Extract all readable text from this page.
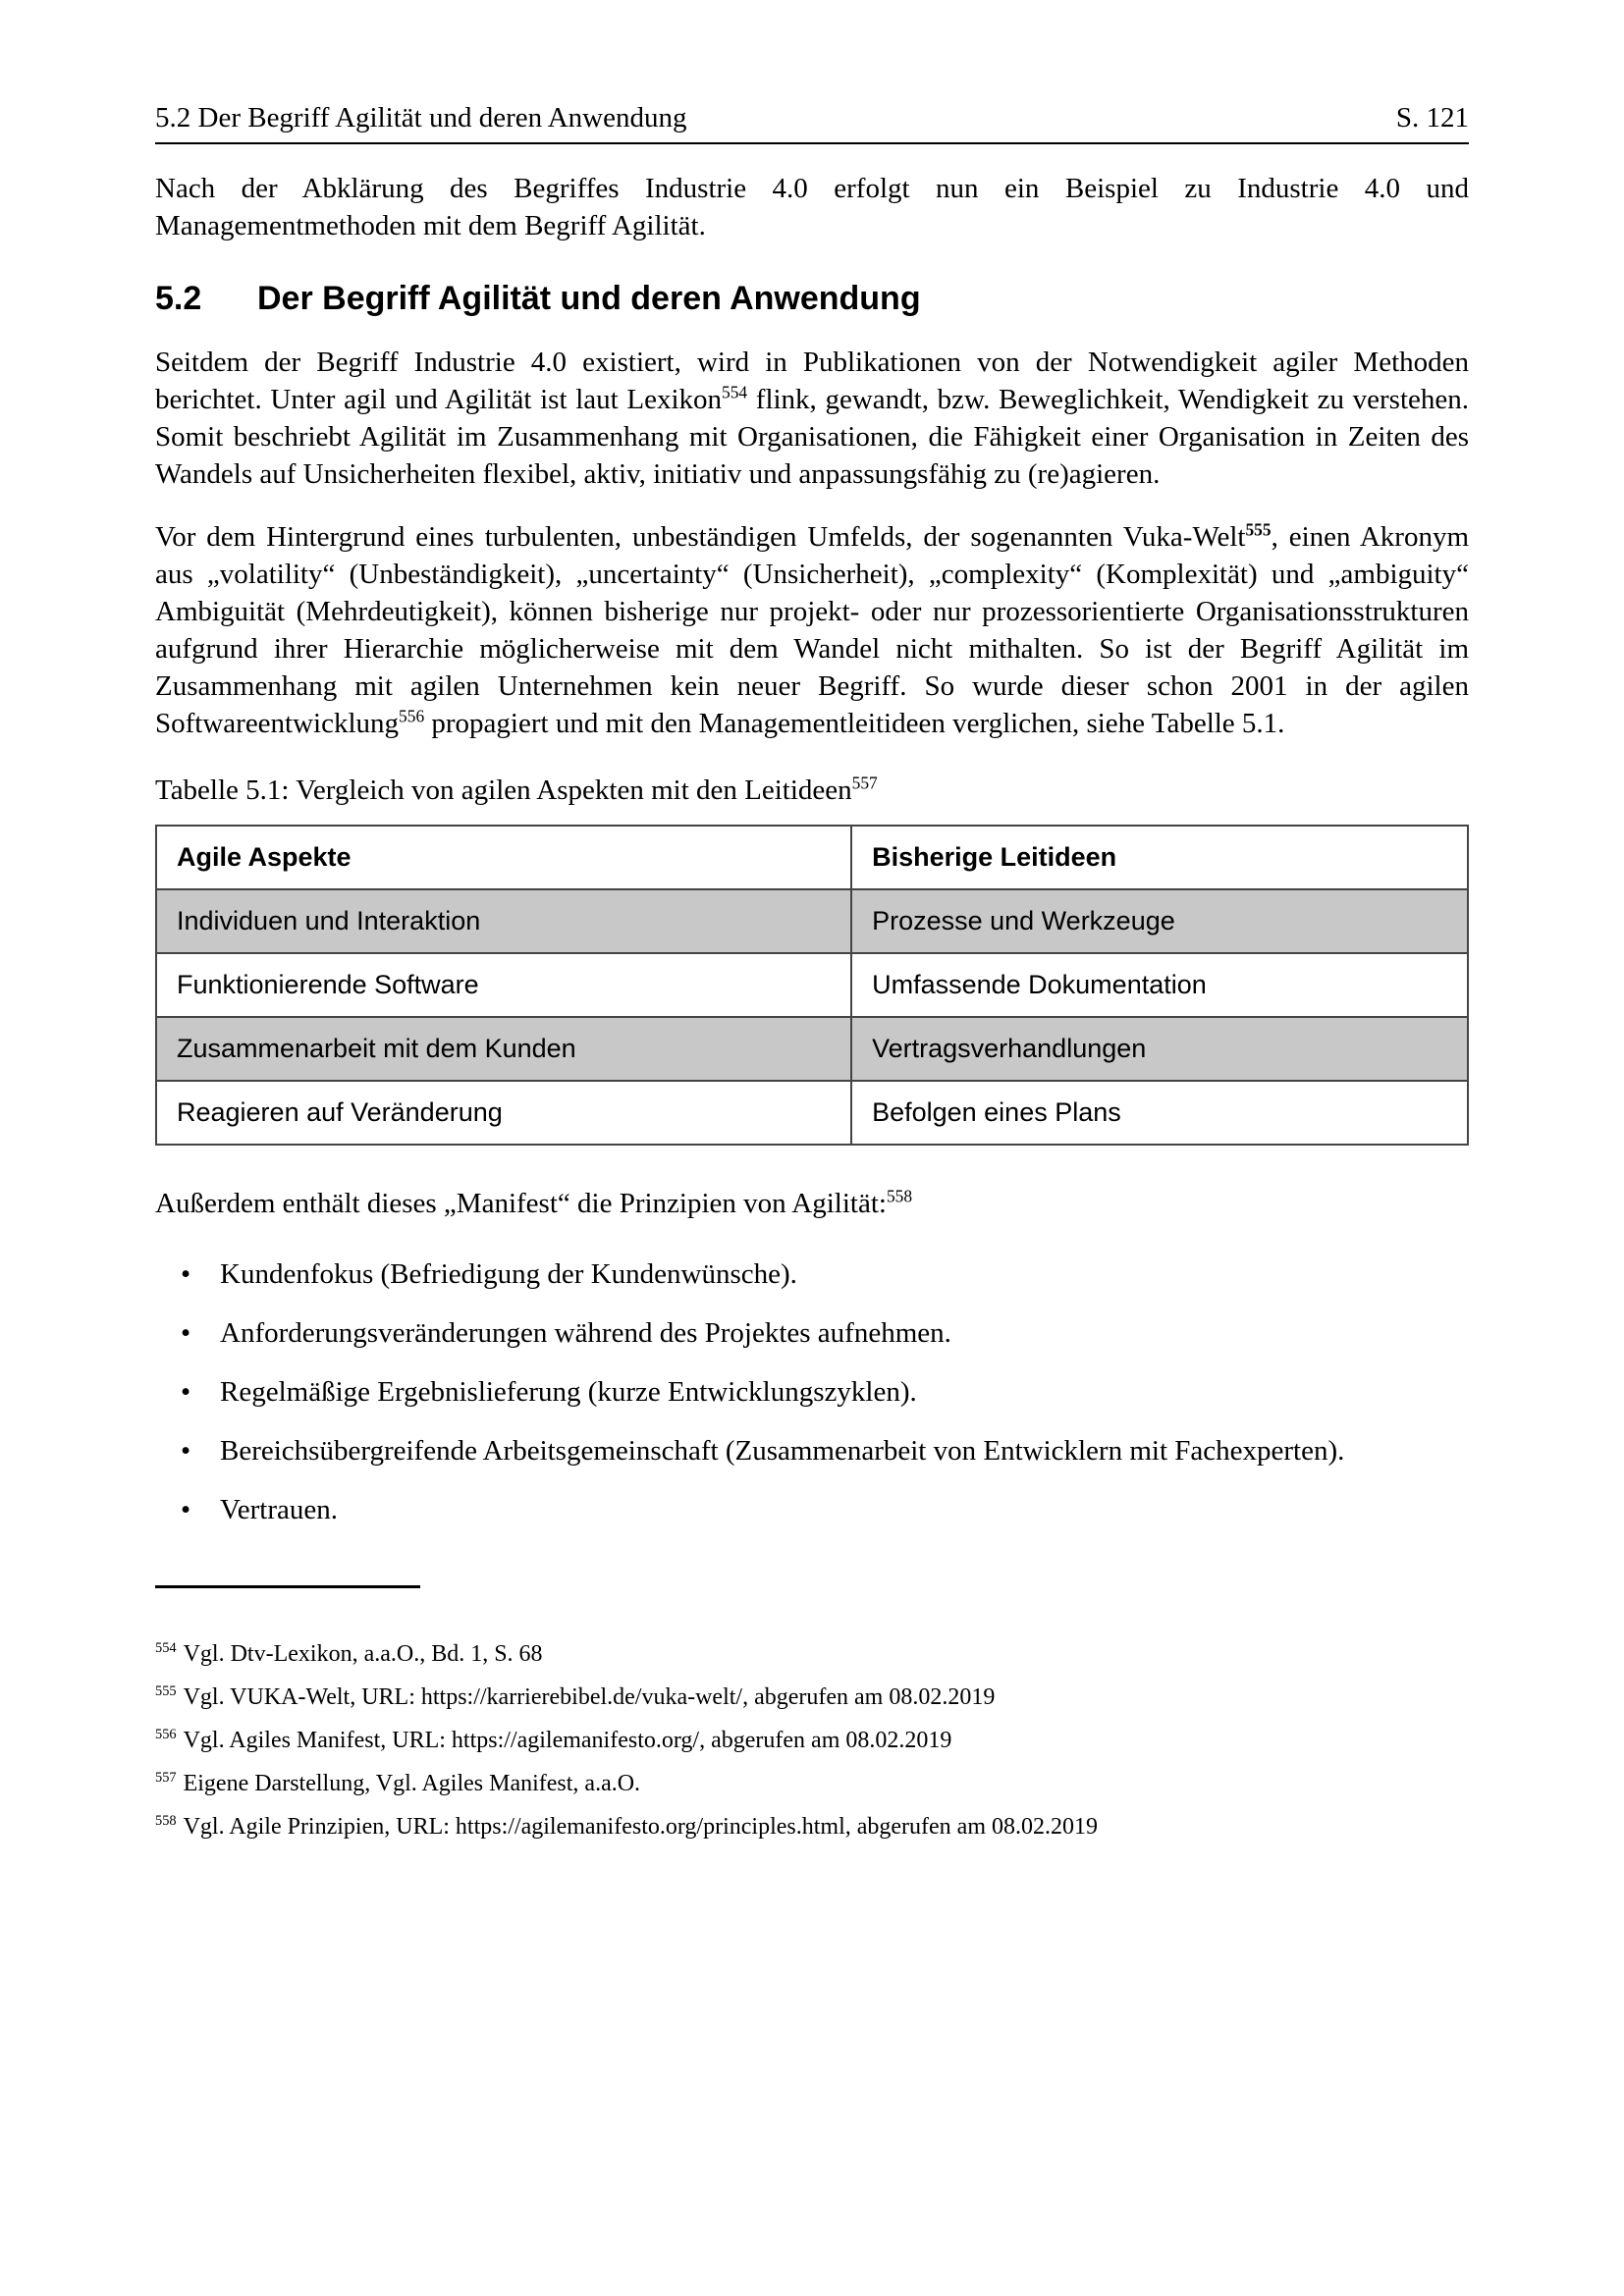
5.2 Der Begriff Agilität und deren Anwendung	S. 121

Nach der Abklärung des Begriffes Industrie 4.0 erfolgt nun ein Beispiel zu Industrie 4.0 und Managementmethoden mit dem Begriff Agilität.

5.2	Der Begriff Agilität und deren Anwendung

Seitdem der Begriff Industrie 4.0 existiert, wird in Publikationen von der Notwendigkeit agiler Methoden berichtet. Unter agil und Agilität ist laut Lexikon$^{554}$ flink, gewandt, bzw. Beweglichkeit, Wendigkeit zu verstehen. Somit beschriebt Agilität im Zusammenhang mit Organisationen, die Fähigkeit einer Organisation in Zeiten des Wandels auf Unsicherheiten flexibel, aktiv, initiativ und anpassungsfähig zu (re)agieren.

Vor dem Hintergrund eines turbulenten, unbeständigen Umfelds, der sogenannten Vuka-Welt$^{555}$, einen Akronym aus „volatility“ (Unbeständigkeit), „uncertainty“ (Unsicherheit), „complexity“ (Komplexität) und „ambiguity“ Ambiguität (Mehrdeutigkeit), können bisherige nur projekt- oder nur prozessorientierte Organisationsstrukturen aufgrund ihrer Hierarchie möglicherweise mit dem Wandel nicht mithalten. So ist der Begriff Agilität im Zusammenhang mit agilen Unternehmen kein neuer Begriff. So wurde dieser schon 2001 in der agilen Softwareentwicklung$^{556}$ propagiert und mit den Managementleitideen verglichen, siehe Tabelle 5.1.

Tabelle 5.1: Vergleich von agilen Aspekten mit den Leitideen$^{557}$

Agile Aspekte	Bisherige Leitideen
Individuen und Interaktion	Prozesse und Werkzeuge
Funktionierende Software	Umfassende Dokumentation
Zusammenarbeit mit dem Kunden	Vertragsverhandlungen
Reagieren auf Veränderung	Befolgen eines Plans

Außerdem enthält dieses „Manifest“ die Prinzipien von Agilität:$^{558}$

• Kundenfokus (Befriedigung der Kundenwünsche).
• Anforderungsveränderungen während des Projektes aufnehmen.
• Regelmäßige Ergebnislieferung (kurze Entwicklungszyklen).
• Bereichsübergreifende Arbeitsgemeinschaft (Zusammenarbeit von Entwicklern mit Fachexperten).
• Vertrauen.

$^{554}$ Vgl. Dtv-Lexikon, a.a.O., Bd. 1, S. 68

$^{555}$ Vgl. VUKA-Welt, URL: https://karrierebibel.de/vuka-welt/, abgerufen am 08.02.2019

$^{556}$ Vgl. Agiles Manifest, URL: https://agilemanifesto.org/, abgerufen am 08.02.2019

$^{557}$ Eigene Darstellung, Vgl. Agiles Manifest, a.a.O.

$^{558}$ Vgl. Agile Prinzipien, URL: https://agilemanifesto.org/principles.html, abgerufen am 08.02.2019
